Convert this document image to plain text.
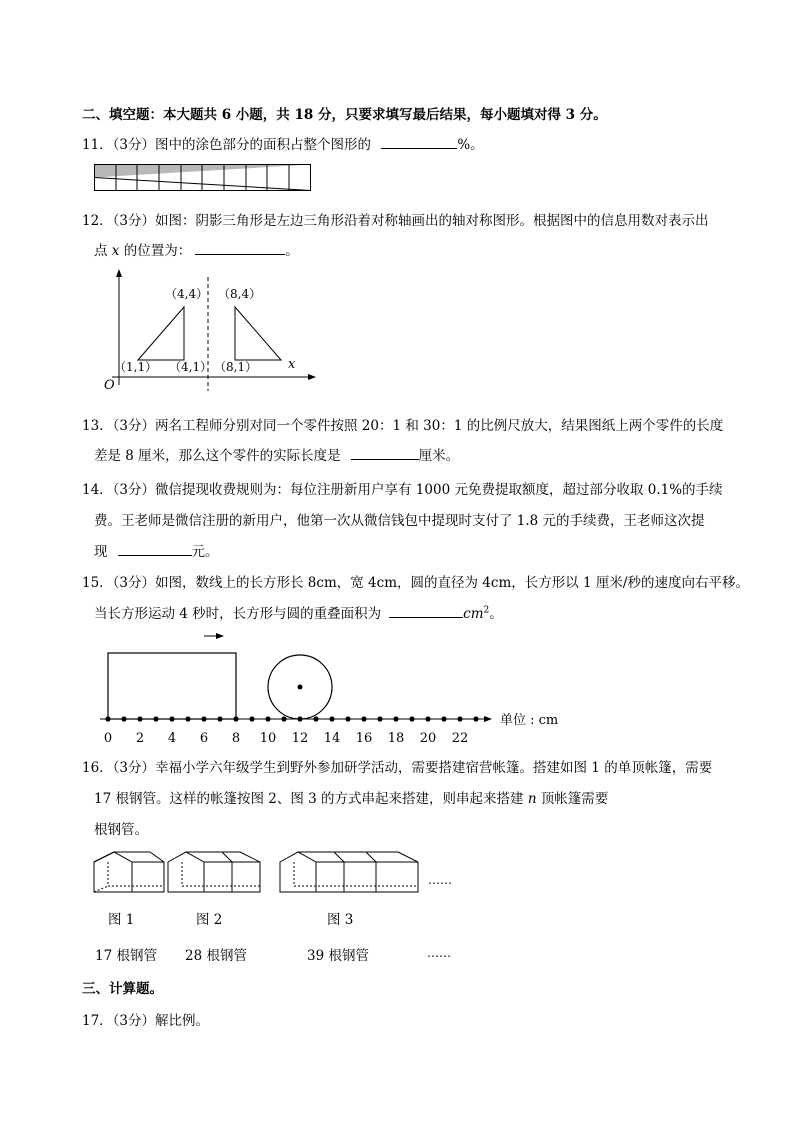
二、填空题：本大题共 6 小题，共 18 分，只要求填写最后结果，每小题填对得 3 分。
11．（3分）图中的涂色部分的面积占整个图形的	%。
12．（3分）如图：阴影三角形是左边三角形沿着对称轴画出的轴对称图形。根据图中的信息用数对表示出
点 x 的位置为：	。
（4,4） （8,4）
（1,1） （4,1） （8,1） x
O
13．（3分）两名工程师分别对同一个零件按照 20：1 和 30：1 的比例尺放大，结果图纸上两个零件的长度
差是 8 厘米，那么这个零件的实际长度是	厘米。
14．（3分）微信提现收费规则为：每位注册新用户享有 1000 元免费提取额度，超过部分收取 0.1%的手续
费。王老师是微信注册的新用户，他第一次从微信钱包中提现时支付了 1.8 元的手续费，王老师这次提
现	元。
15．（3分）如图，数线上的长方形长 8cm，宽 4cm，圆的直径为 4cm，长方形以 1 厘米/秒的速度向右平移。
当长方形运动 4 秒时，长方形与圆的重叠面积为	$cm^2$。
0 2 4 6 8 10 12 14 16 18 20 22
单位 : cm
16．（3分）幸福小学六年级学生到野外参加研学活动，需要搭建宿营帐篷。搭建如图 1 的单顶帐篷，需要
17 根钢管。这样的帐篷按图 2、图 3 的方式串起来搭建，则串起来搭建 n 顶帐篷需要
根钢管。
……
图 1	图 2	图 3
17 根钢管 28 根钢管	39 根钢管	……
三、计算题。
17．（3分）解比例。
